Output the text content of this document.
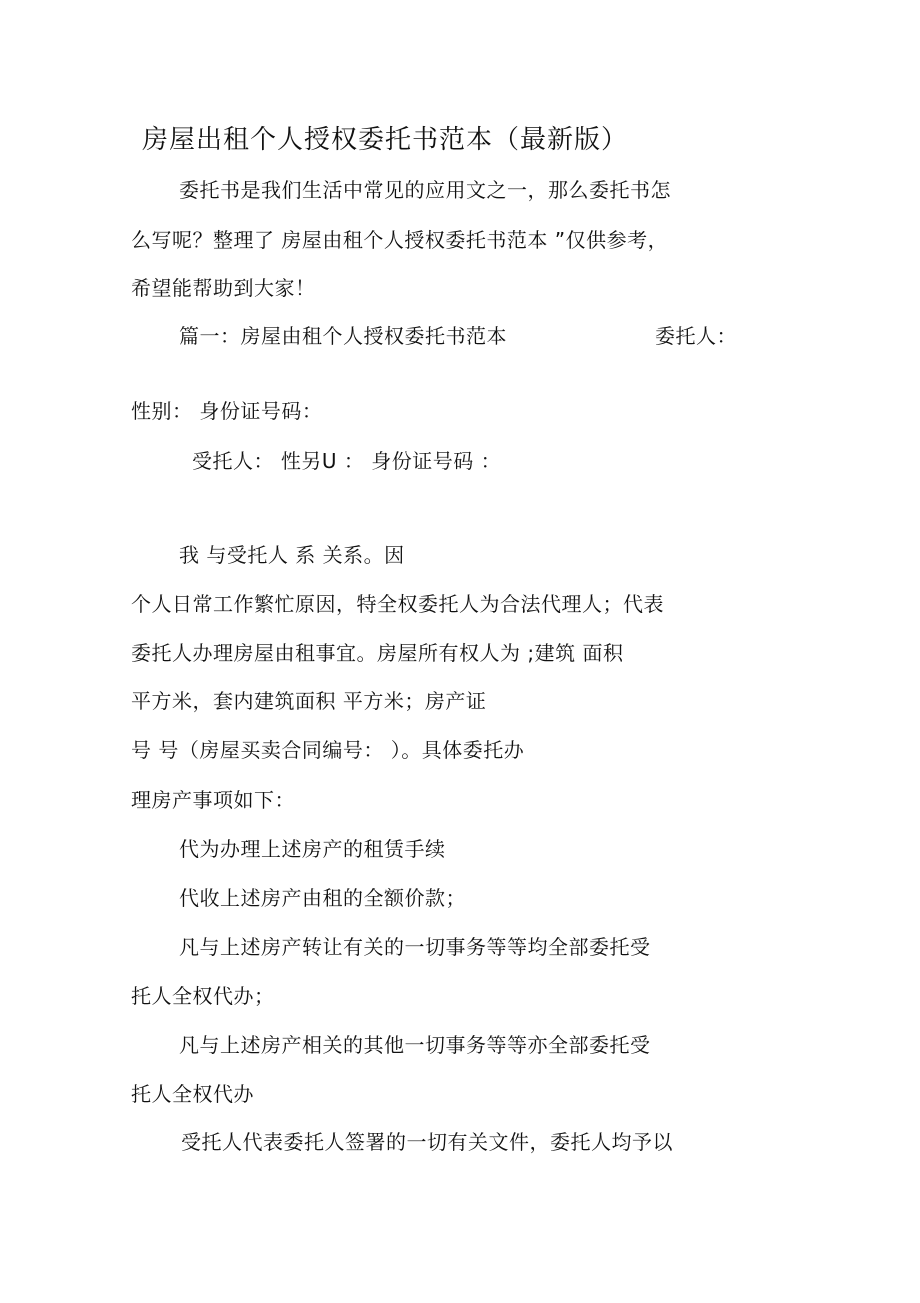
房屋出租个人授权委托书范本（最新版）
委托书是我们生活中常见的应用文之一，那么委托书怎
么写呢？整理了 房屋由租个人授权委托书范本 ”仅供参考，
希望能帮助到大家！
篇一：房屋由租个人授权委托书范本	委托人：
性别： 身份证号码：
受托人： 性另U ： 身份证号码 ：
我 与受托人 系 关系。因
个人日常工作繁忙原因，特全权委托人为合法代理人；代表
委托人办理房屋由租事宜。房屋所有权人为 ;建筑 面积
平方米，套内建筑面积 平方米；房产证
号 号（房屋买卖合同编号： ）。具体委托办
理房产事项如下：
代为办理上述房产的租赁手续
代收上述房产由租的全额价款；
凡与上述房产转让有关的一切事务等等均全部委托受
托人全权代办；
凡与上述房产相关的其他一切事务等等亦全部委托受
托人全权代办
受托人代表委托人签署的一切有关文件，委托人均予以
